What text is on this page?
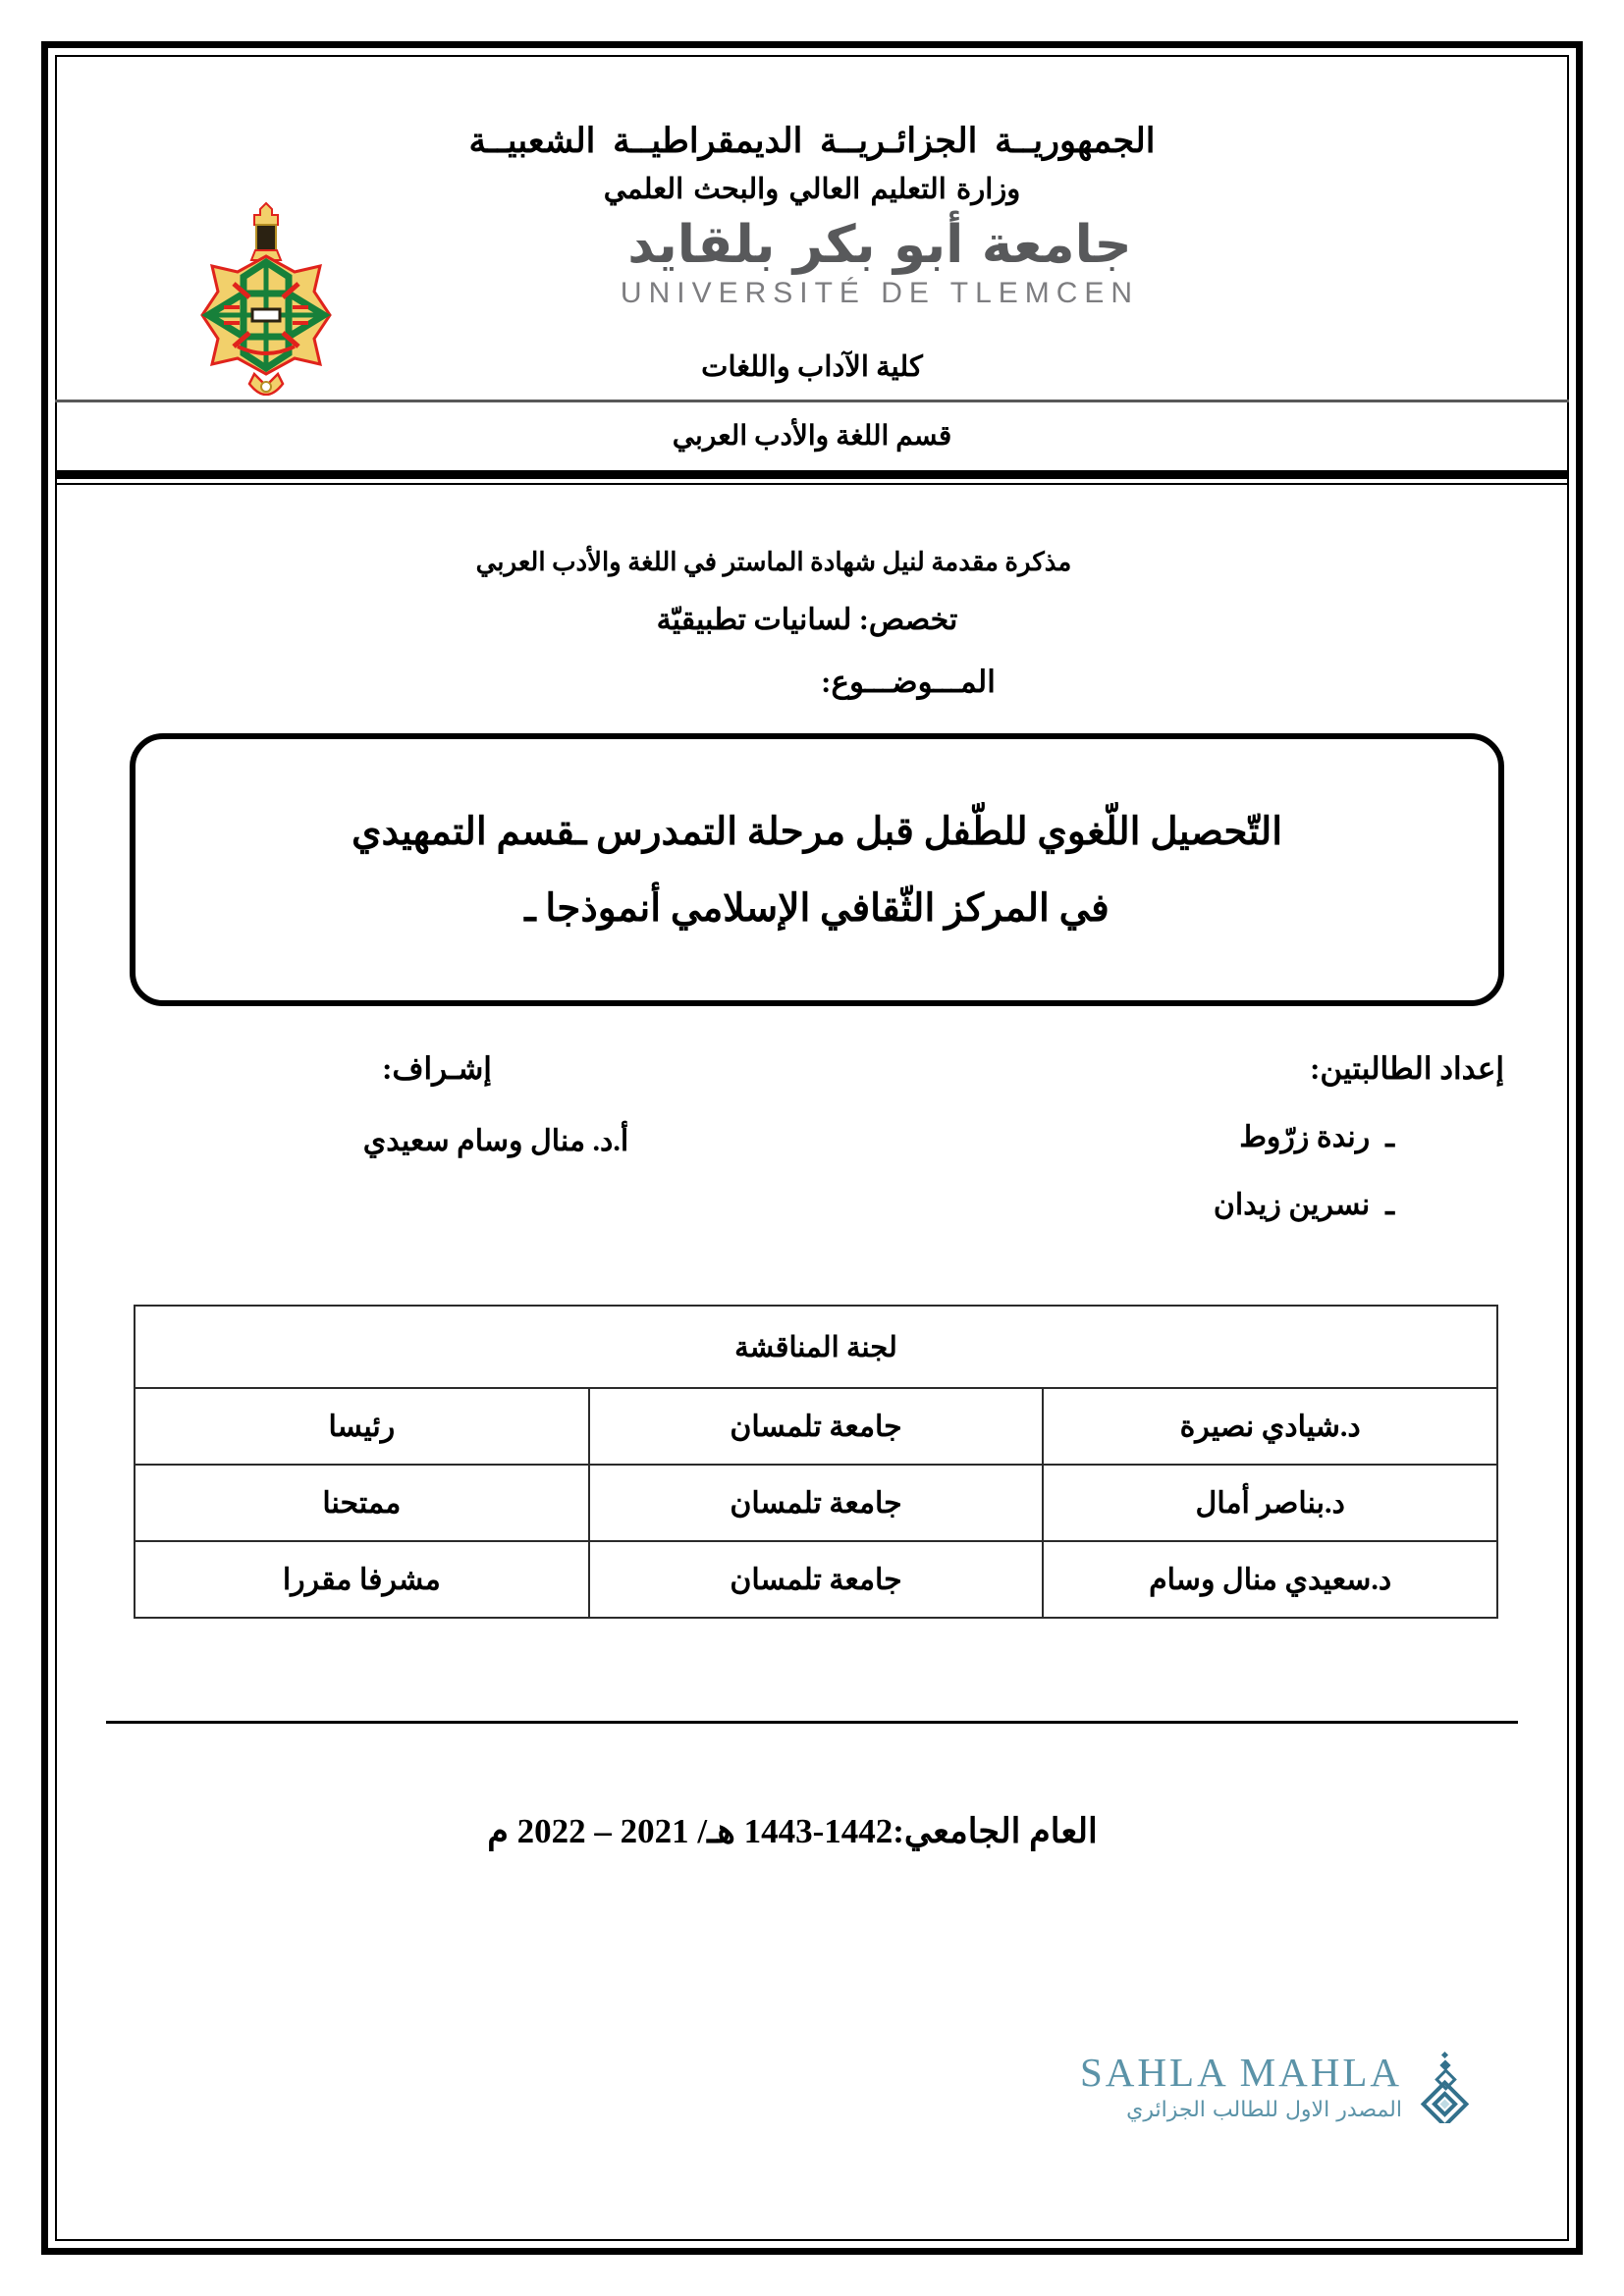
الجمهوريــة الجزائـريــة الديمقراطيــة الشعبيــة
وزارة التعليم العالي والبحث العلمي
جامعة أبو بكر بلقايد
UNIVERSITÉ DE TLEMCEN
كلية الآداب واللغات
قسم اللغة والأدب العربي
مذكرة مقدمة لنيل شهادة الماستر في اللغة والأدب العربي
تخصص: لسانيات تطبيقيّة
المـــوضـــوع:
التّحصيل اللّغوي للطّفل قبل مرحلة التمدرس ـقسم التمهيدي
في المركز الثّقافي الإسلامي أنموذجا ـ
إعداد الطالبتين:
ـرندة زرّوط
ـنسرين زيدان
إشـراف:
أ.د. منال وسام سعيدي
لجنة المناقشة		
د.شيادي نصيرة	جامعة تلمسان	رئيسا
د.بناصر أمال	جامعة تلمسان	ممتحنا
د.سعيدي منال وسام	جامعة تلمسان	مشرفا مقررا
العام الجامعي:1442-1443 هـ/ 2021 – 2022 م
SAHLA MAHLA
المصدر الاول للطالب الجزائري
